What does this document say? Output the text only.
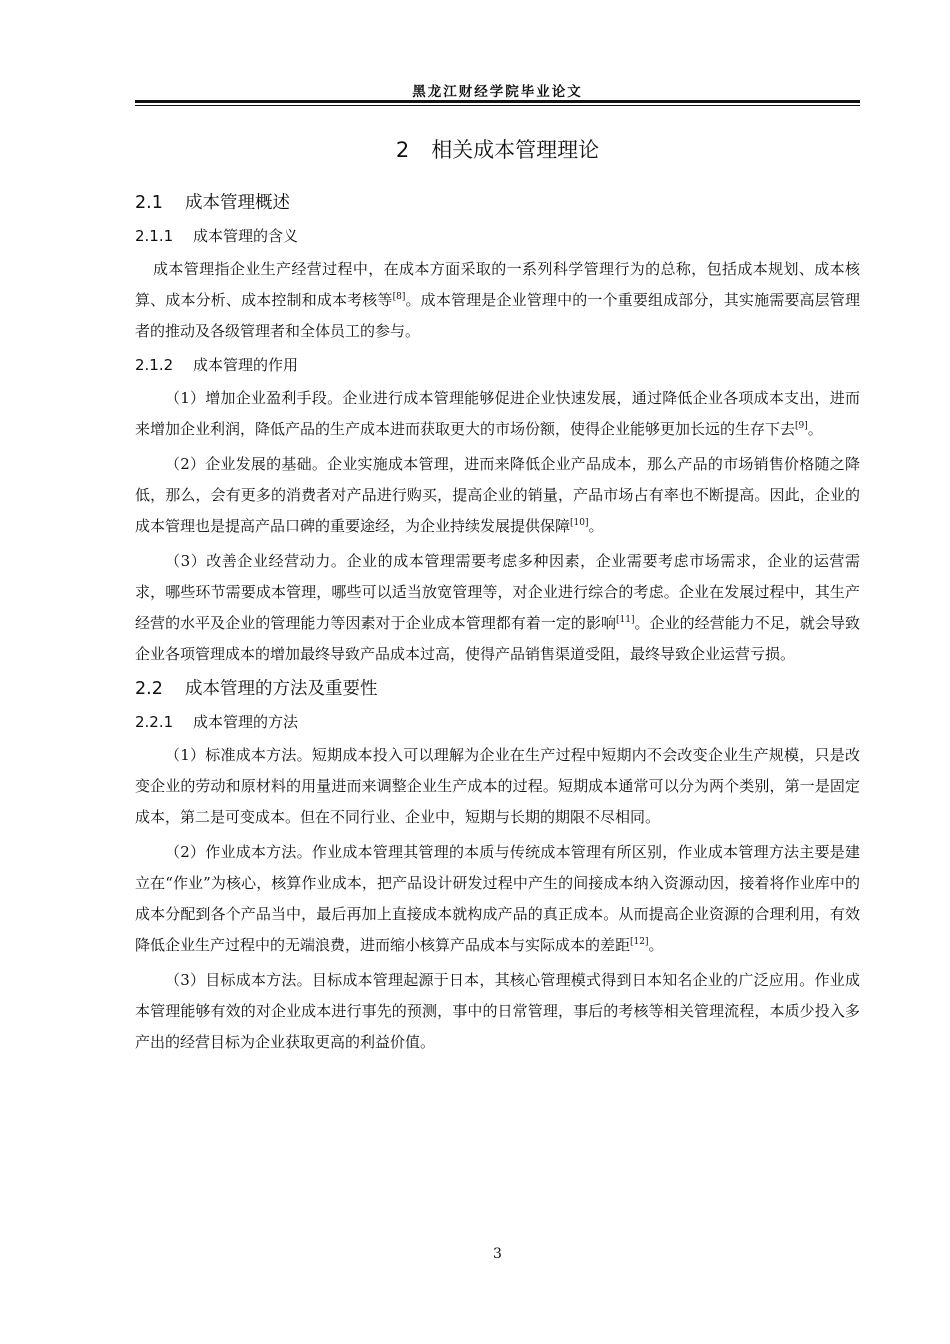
黑龙江财经学院毕业论文
2 相关成本管理理论
2.1 成本管理概述
2.1.1 成本管理的含义

成本管理指企业生产经营过程中，在成本方面采取的一系列科学管理行为的总称，包括成本规划、成本核算、成本分析、成本控制和成本考核等[8]。成本管理是企业管理中的一个重要组成部分，其实施需要高层管理者的推动及各级管理者和全体员工的参与。

2.1.2 成本管理的作用

（1）增加企业盈利手段。企业进行成本管理能够促进企业快速发展，通过降低企业各项成本支出，进而来增加企业利润，降低产品的生产成本进而获取更大的市场份额，使得企业能够更加长远的生存下去[9]。

（2）企业发展的基础。企业实施成本管理，进而来降低企业产品成本，那么产品的市场销售价格随之降低，那么，会有更多的消费者对产品进行购买，提高企业的销量，产品市场占有率也不断提高。因此，企业的成本管理也是提高产品口碑的重要途经，为企业持续发展提供保障[10]。

（3）改善企业经营动力。企业的成本管理需要考虑多种因素，企业需要考虑市场需求，企业的运营需求，哪些环节需要成本管理，哪些可以适当放宽管理等，对企业进行综合的考虑。企业在发展过程中，其生产经营的水平及企业的管理能力等因素对于企业成本管理都有着一定的影响[11]。企业的经营能力不足，就会导致企业各项管理成本的增加最终导致产品成本过高，使得产品销售渠道受阻，最终导致企业运营亏损。

2.2 成本管理的方法及重要性
2.2.1 成本管理的方法

（1）标准成本方法。短期成本投入可以理解为企业在生产过程中短期内不会改变企业生产规模，只是改变企业的劳动和原材料的用量进而来调整企业生产成本的过程。短期成本通常可以分为两个类别，第一是固定成本，第二是可变成本。但在不同行业、企业中，短期与长期的期限不尽相同。

（2）作业成本方法。作业成本管理其管理的本质与传统成本管理有所区别，作业成本管理方法主要是建立在“作业”为核心，核算作业成本，把产品设计研发过程中产生的间接成本纳入资源动因，接着将作业库中的成本分配到各个产品当中，最后再加上直接成本就构成产品的真正成本。从而提高企业资源的合理利用，有效降低企业生产过程中的无端浪费，进而缩小核算产品成本与实际成本的差距[12]。

（3）目标成本方法。目标成本管理起源于日本，其核心管理模式得到日本知名企业的广泛应用。作业成本管理能够有效的对企业成本进行事先的预测，事中的日常管理，事后的考核等相关管理流程，本质少投入多产出的经营目标为企业获取更高的利益价值。

3
